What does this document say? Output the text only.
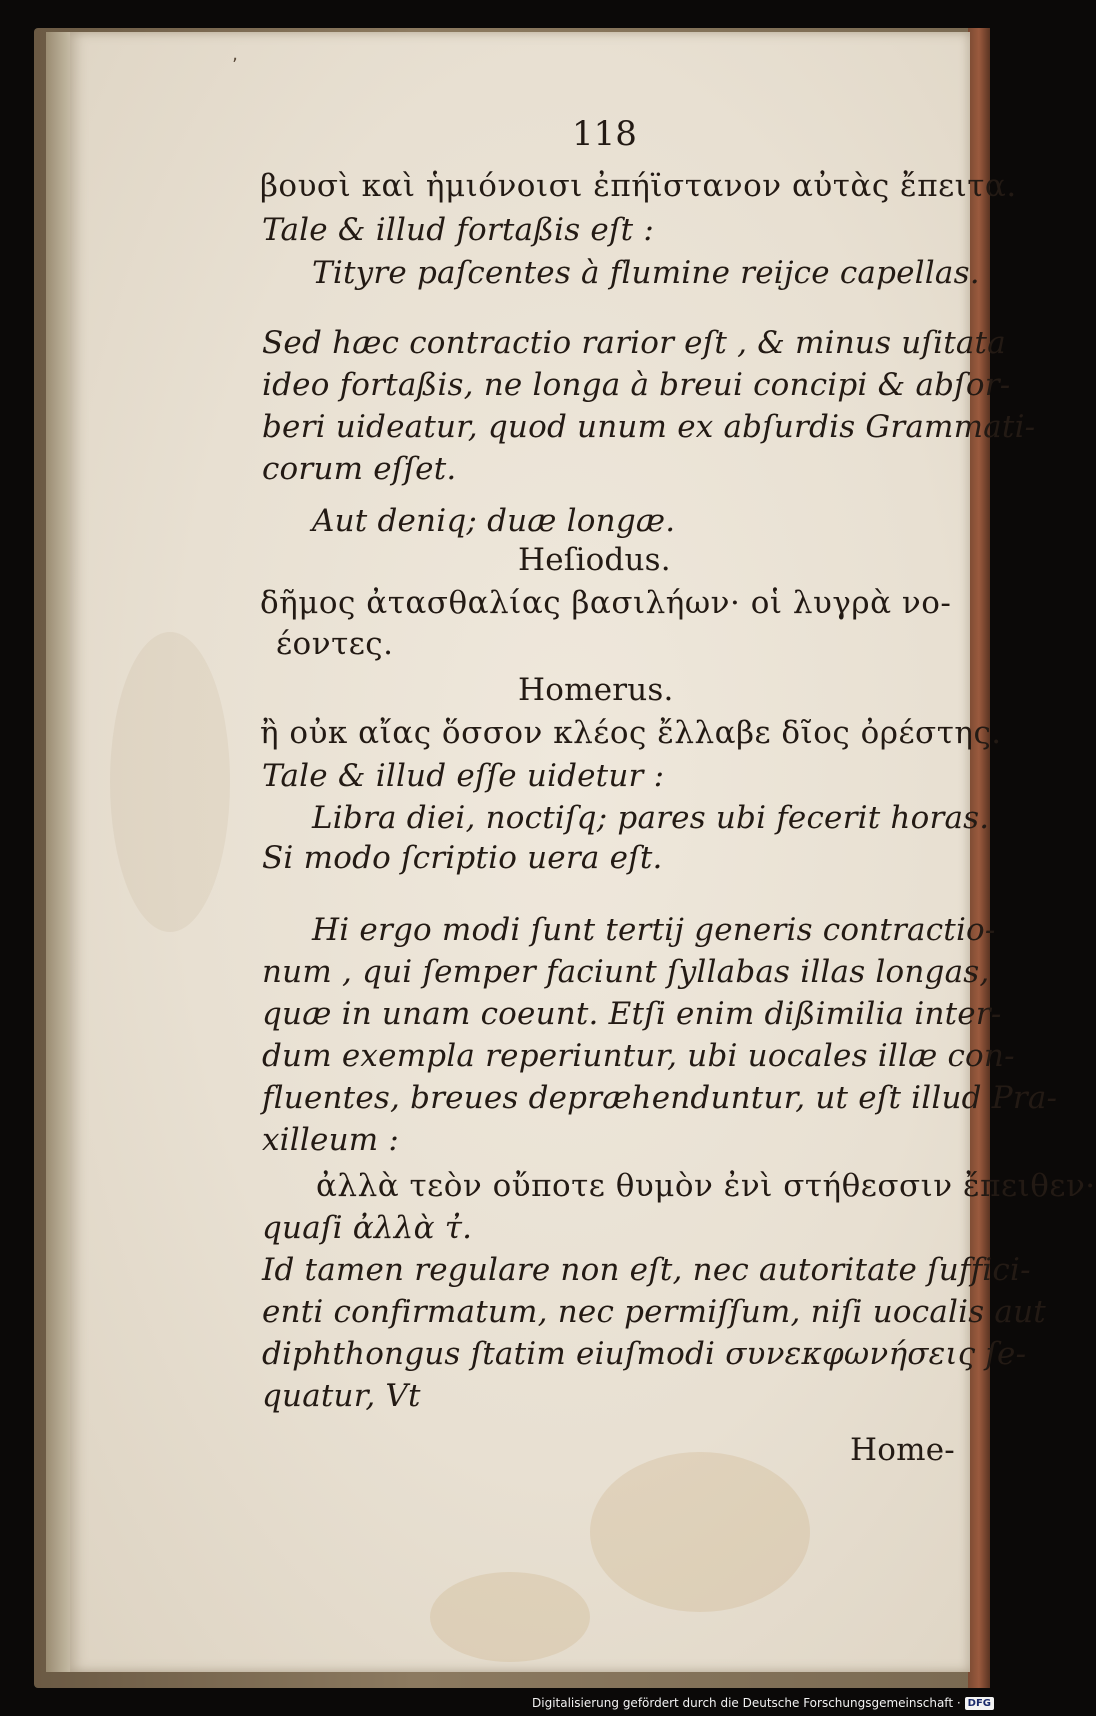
‚
118
βουσὶ καὶ ἡμιόνοισι ἐπήϊστανον αὐτὰς ἔπειτα.
Tale & illud fortaßis eſt :
Tityre paſcentes à flumine reijce capellas.
Sed hæc contractio rarior eſt , & minus uſitata
ideo fortaßis, ne longa à breui concipi & abſor-
beri uideatur, quod unum ex abſurdis Grammati-
corum eſſet.
Aut deniq; duæ longæ.
Heſiodus.
δῆμος ἀτασθαλίας βασιλήων· οἱ λυγρὰ νο-
έοντες.
Homerus.
ἢ οὐκ αἴας ὅσσον κλέος ἔλλαβε δῖος ὀρέστης.
Tale & illud eſſe uidetur :
Libra diei, noctiſq; pares ubi fecerit horas.
Si modo ſcriptio uera eſt.
Hi ergo modi ſunt tertij generis contractio-
num , qui ſemper faciunt ſyllabas illas longas,
quæ in unam coeunt. Etſi enim dißimilia inter-
dum exempla reperiuntur, ubi uocales illæ con-
fluentes, breues depræhenduntur, ut eſt illud Pra-
xilleum :
ἀλλὰ τεὸν οὔποτε θυμὸν ἐνὶ στήθεσσιν ἔπειθεν·
quaſi ἀλλὰ τ̓.
Id tamen regulare non eſt, nec autoritate ſuffici-
enti confirmatum, nec permiſſum, niſi uocalis aut
diphthongus ſtatim eiuſmodi συνεκφωνήσεις ſe-
quatur, Vt
Home-
Digitalisierung gefördert durch die Deutsche Forschungsgemeinschaft · DFG
